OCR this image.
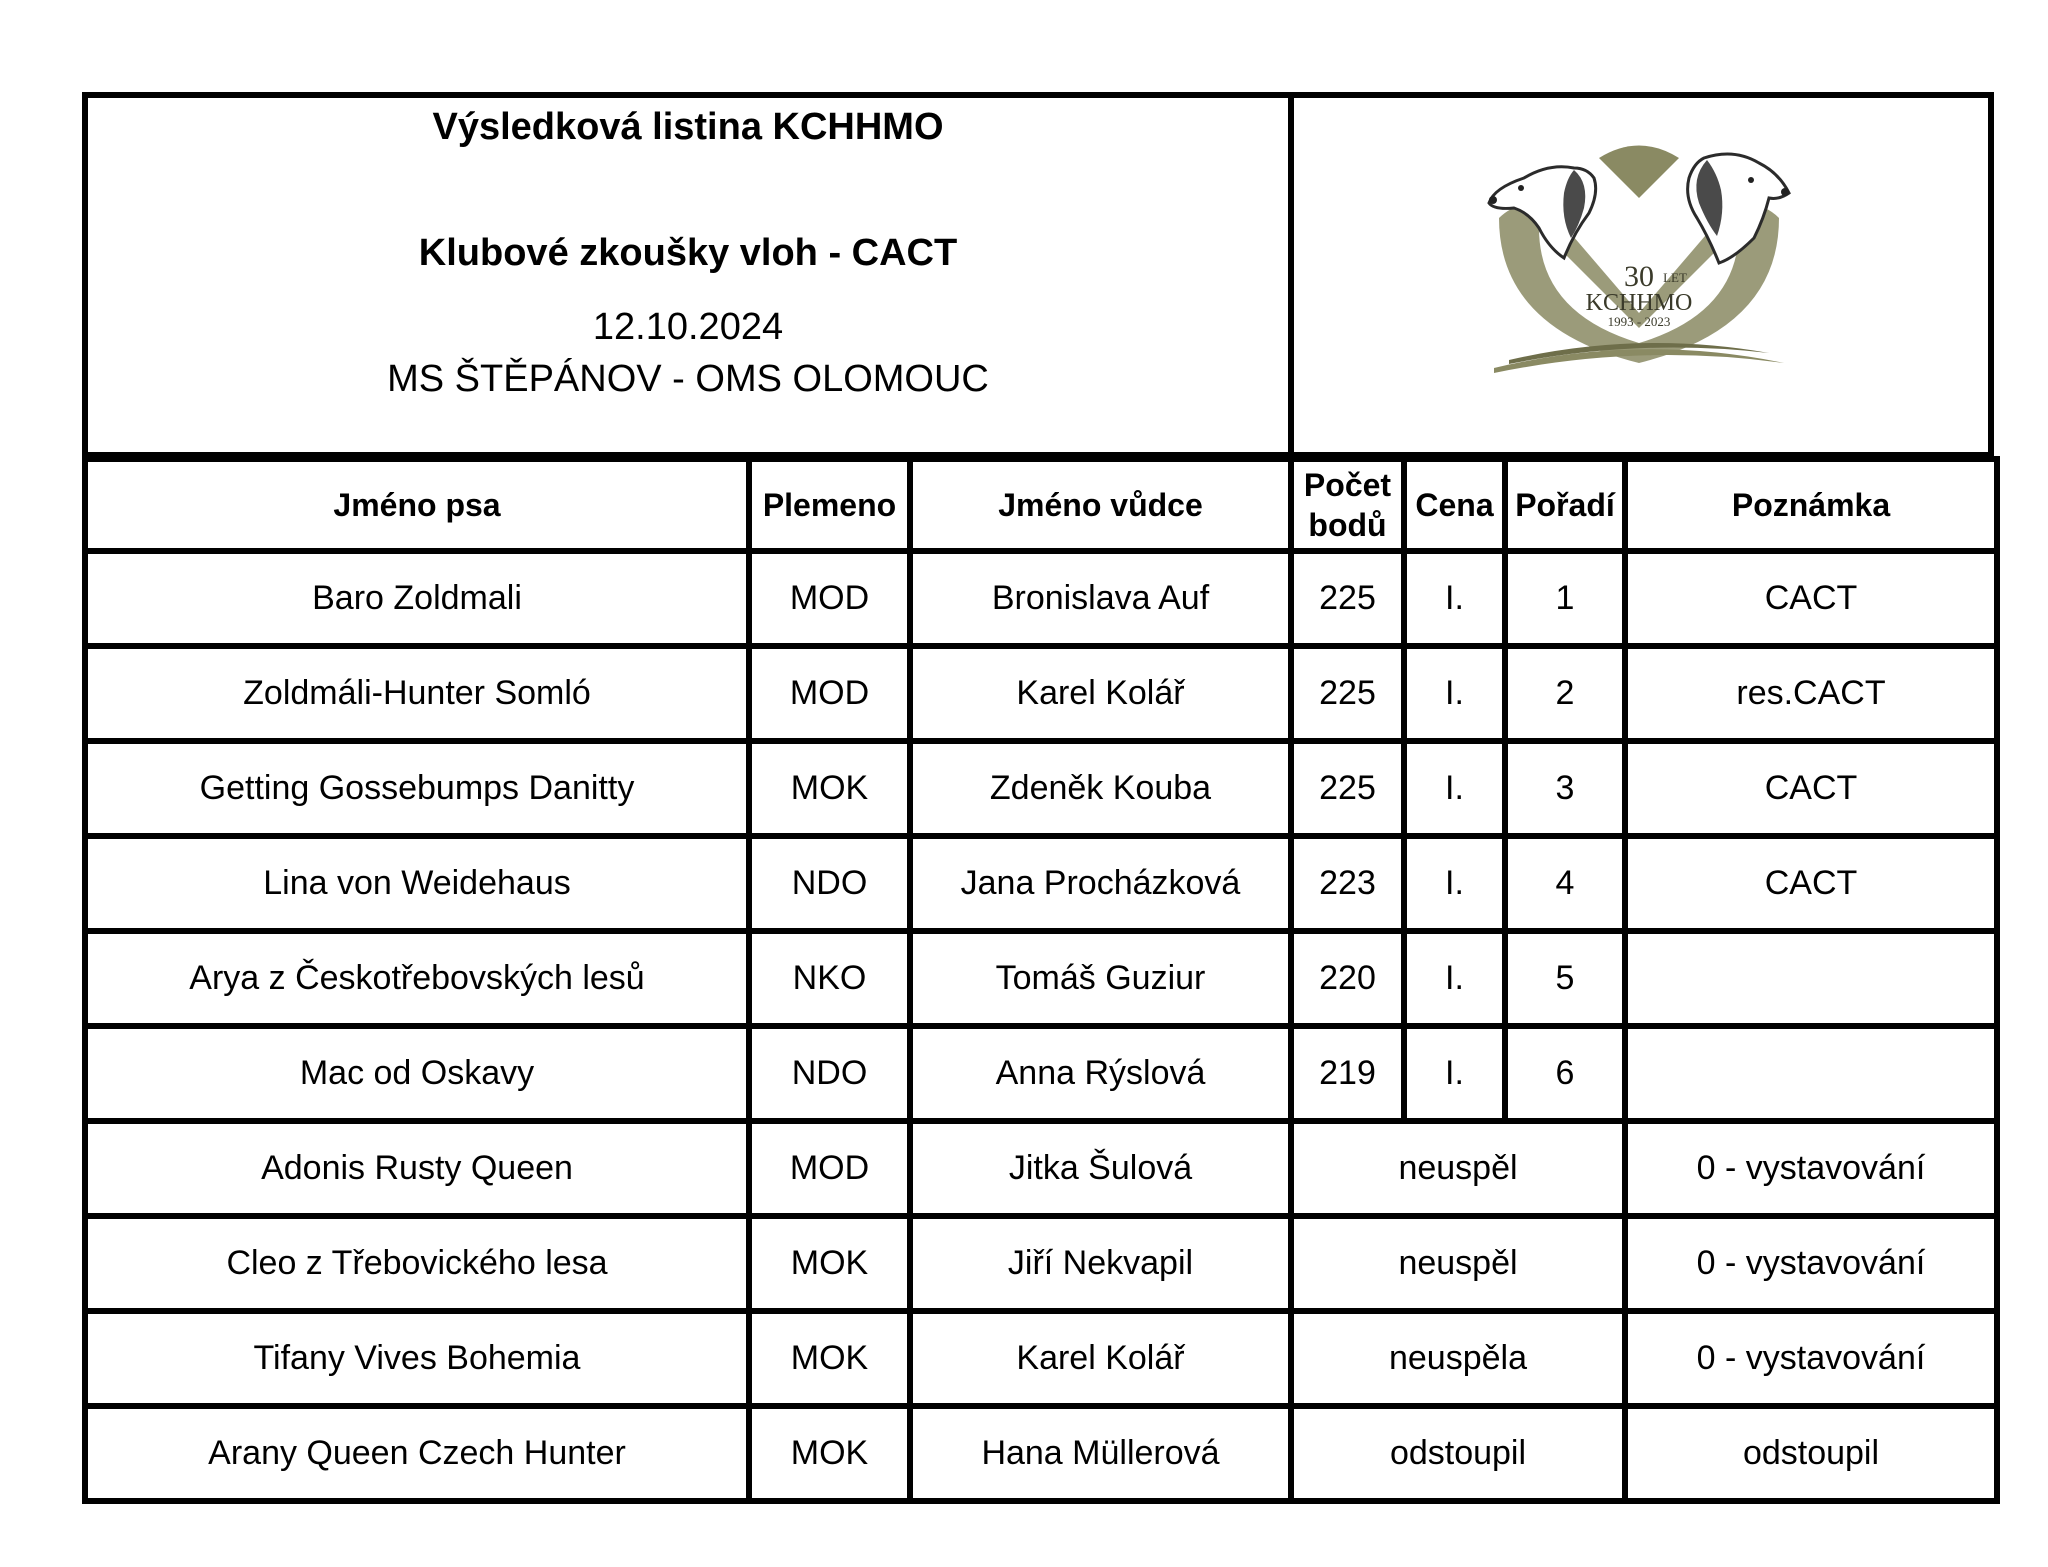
Výsledková listina KCHHMO
Klubové zkoušky vloh - CACT
12.10.2024
MS ŠTĚPÁNOV - OMS OLOMOUC
30 LET
KCHHMO
1993 - 2023
Jméno psa	Plemeno	Jméno vůdce	Počet bodů	Cena	Pořadí	Poznámka
Baro Zoldmali	MOD	Bronislava Auf	225	I.	1	CACT
Zoldmáli-Hunter Somló	MOD	Karel Kolář	225	I.	2	res.CACT
Getting Gossebumps Danitty	MOK	Zdeněk Kouba	225	I.	3	CACT
Lina von Weidehaus	NDO	Jana Procházková	223	I.	4	CACT
Arya z Českotřebovských lesů	NKO	Tomáš Guziur	220	I.	5	
Mac od Oskavy	NDO	Anna Rýslová	219	I.	6	
Adonis Rusty Queen	MOD	Jitka Šulová	neuspěl			0 - vystavování
Cleo z Třebovického lesa	MOK	Jiří Nekvapil	neuspěl			0 - vystavování
Tifany Vives Bohemia	MOK	Karel Kolář	neuspěla			0 - vystavování
Arany Queen Czech Hunter	MOK	Hana Müllerová	odstoupil			odstoupil
